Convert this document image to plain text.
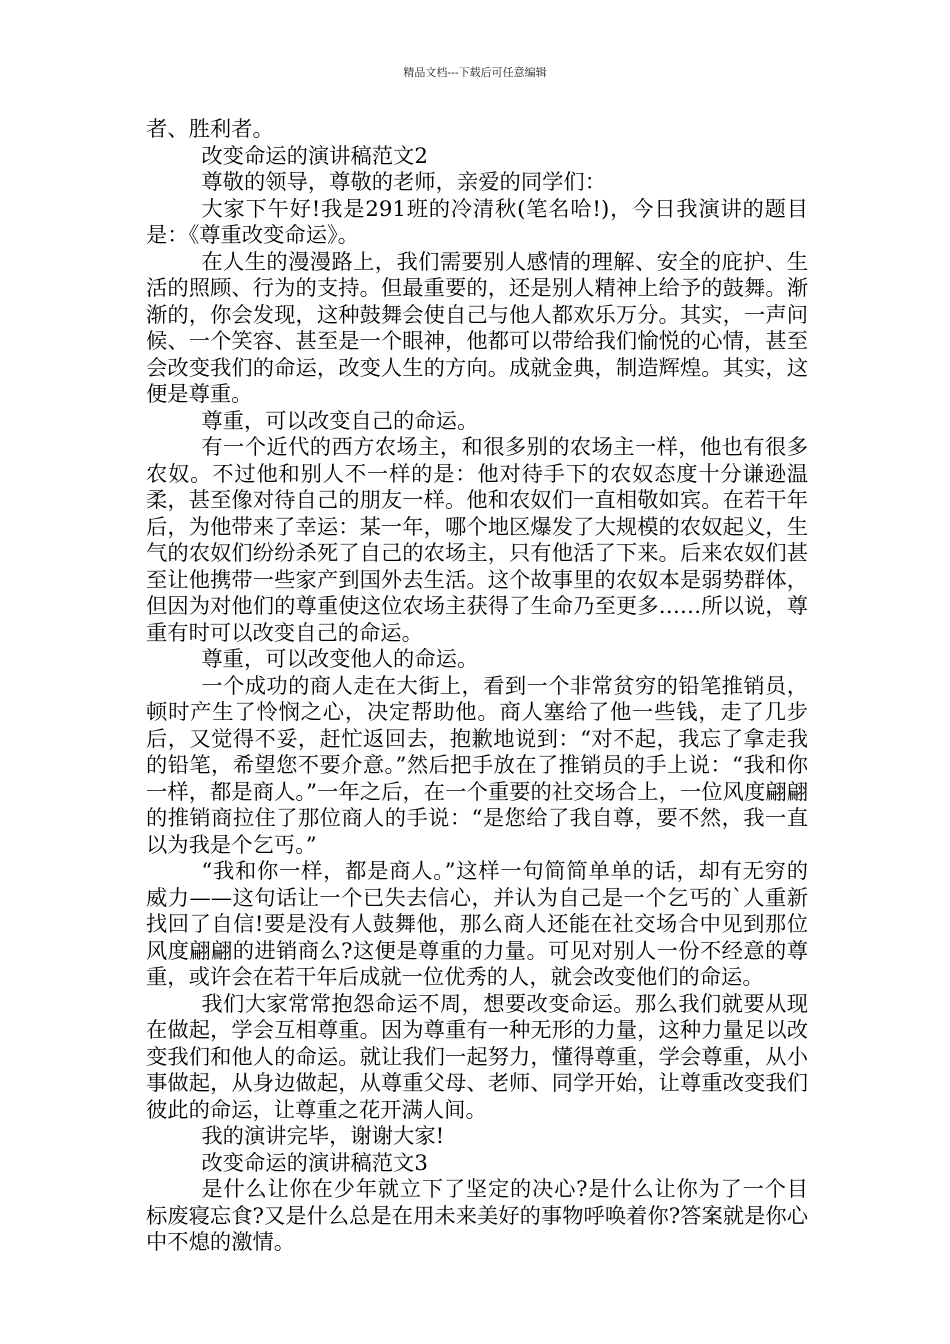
精品文档---下载后可任意编辑

者、胜利者。

改变命运的演讲稿范文2

尊敬的领导，尊敬的老师，亲爱的同学们：

大家下午好!我是291班的冷清秋(笔名哈!)，今日我演讲的题目是：《尊重改变命运》。

在人生的漫漫路上，我们需要别人感情的理解、安全的庇护、生活的照顾、行为的支持。但最重要的，还是别人精神上给予的鼓舞。渐渐的，你会发现，这种鼓舞会使自己与他人都欢乐万分。其实，一声问候、一个笑容、甚至是一个眼神，他都可以带给我们愉悦的心情，甚至会改变我们的命运，改变人生的方向。成就金典，制造辉煌。其实，这便是尊重。

尊重，可以改变自己的命运。

有一个近代的西方农场主，和很多别的农场主一样，他也有很多农奴。不过他和别人不一样的是：他对待手下的农奴态度十分谦逊温柔，甚至像对待自己的朋友一样。他和农奴们一直相敬如宾。在若干年后，为他带来了幸运：某一年，哪个地区爆发了大规模的农奴起义，生气的农奴们纷纷杀死了自己的农场主，只有他活了下来。后来农奴们甚至让他携带一些家产到国外去生活。这个故事里的农奴本是弱势群体，但因为对他们的尊重使这位农场主获得了生命乃至更多……所以说，尊重有时可以改变自己的命运。

尊重，可以改变他人的命运。

一个成功的商人走在大街上，看到一个非常贫穷的铅笔推销员，顿时产生了怜悯之心，决定帮助他。商人塞给了他一些钱，走了几步后，又觉得不妥，赶忙返回去，抱歉地说到：“对不起，我忘了拿走我的铅笔，希望您不要介意。”然后把手放在了推销员的手上说：“我和你一样，都是商人。”一年之后，在一个重要的社交场合上，一位风度翩翩的推销商拉住了那位商人的手说：“是您给了我自尊，要不然，我一直以为我是个乞丐。”

“我和你一样，都是商人。”这样一句简简单单的话，却有无穷的威力——这句话让一个已失去信心，并认为自己是一个乞丐的`人重新找回了自信!要是没有人鼓舞他，那么商人还能在社交场合中见到那位风度翩翩的进销商么?这便是尊重的力量。可见对别人一份不经意的尊重，或许会在若干年后成就一位优秀的人，就会改变他们的命运。

我们大家常常抱怨命运不周，想要改变命运。那么我们就要从现在做起，学会互相尊重。因为尊重有一种无形的力量，这种力量足以改变我们和他人的命运。就让我们一起努力，懂得尊重，学会尊重，从小事做起，从身边做起，从尊重父母、老师、同学开始，让尊重改变我们彼此的命运，让尊重之花开满人间。

我的演讲完毕，谢谢大家!

改变命运的演讲稿范文3

是什么让你在少年就立下了坚定的决心?是什么让你为了一个目标废寝忘食?又是什么总是在用未来美好的事物呼唤着你?答案就是你心中不熄的激情。
